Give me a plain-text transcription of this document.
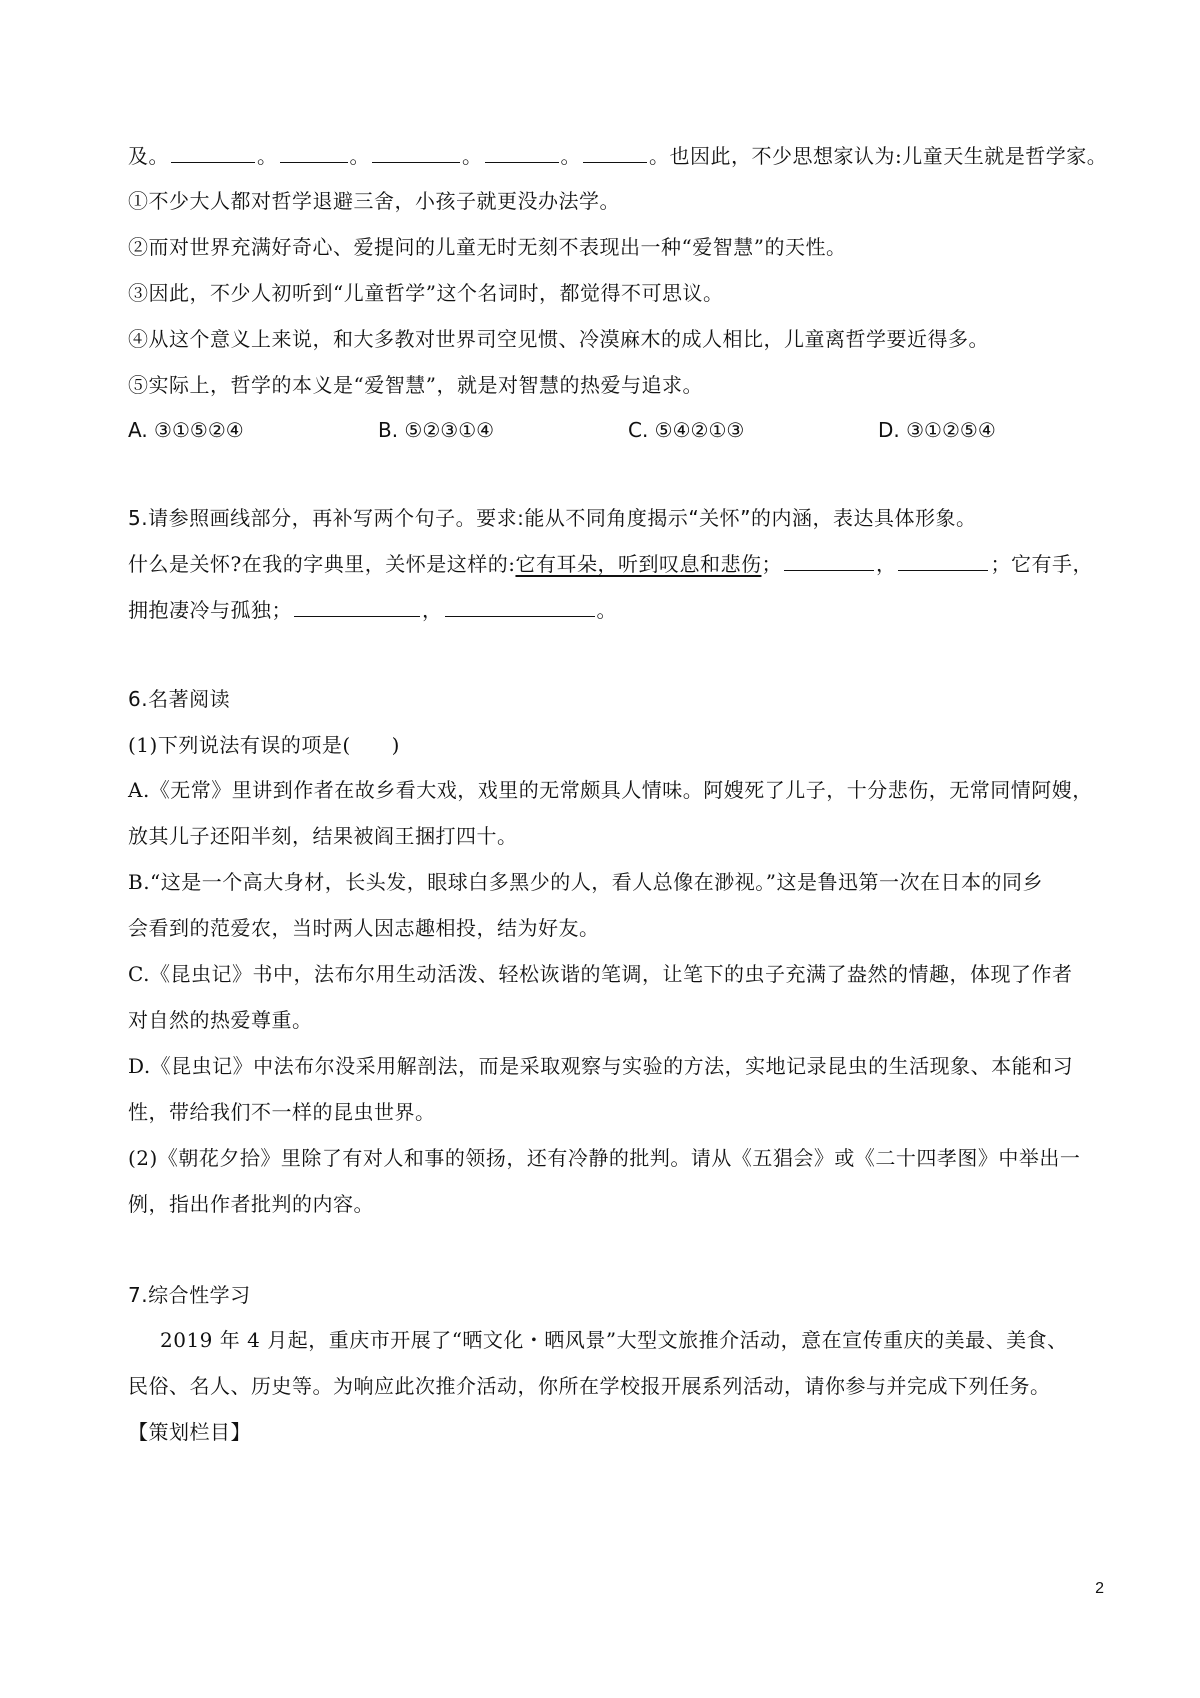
及。	。	。	。	。	。也因此，不少思想家认为:儿童天生就是哲学家。
①不少大人都对哲学退避三舍，小孩子就更没办法学。
②而对世界充满好奇心、爱提问的儿童无时无刻不表现出一种“爱智慧”的天性。
③因此，不少人初听到“儿童哲学”这个名词时，都觉得不可思议。
④从这个意义上来说，和大多教对世界司空见惯、冷漠麻木的成人相比，儿童离哲学要近得多。
⑤实际上，哲学的本义是“爱智慧”，就是对智慧的热爱与追求。
A. ③①⑤②④	B. ⑤②③①④	C. ⑤④②①③	D. ③①②⑤④
5.请参照画线部分，再补写两个句子。要求:能从不同角度揭示“关怀”的内涵，表达具体形象。
什么是关怀?在我的字典里，关怀是这样的:它有耳朵，听到叹息和悲伤；	，	；它有手，
拥抱凄冷与孤独；	，	。
6.名著阅读
(1)下列说法有误的项是(　　)
A.《无常》里讲到作者在故乡看大戏，戏里的无常颇具人情味。阿嫂死了儿子，十分悲伤，无常同情阿嫂，
放其儿子还阳半刻，结果被阎王捆打四十。
B.“这是一个高大身材，长头发，眼球白多黑少的人，看人总像在渺视。”这是鲁迅第一次在日本的同乡
会看到的范爱农，当时两人因志趣相投，结为好友。
C.《昆虫记》书中，法布尔用生动活泼、轻松诙谐的笔调，让笔下的虫子充满了盎然的情趣，体现了作者
对自然的热爱尊重。
D.《昆虫记》中法布尔没采用解剖法，而是采取观察与实验的方法，实地记录昆虫的生活现象、本能和习
性，带给我们不一样的昆虫世界。
(2)《朝花夕拾》里除了有对人和事的领扬，还有冷静的批判。请从《五猖会》或《二十四孝图》中举出一
例，指出作者批判的内容。
7.综合性学习
2019 年 4 月起，重庆市开展了“晒文化・晒风景”大型文旅推介活动，意在宣传重庆的美最、美食、
民俗、名人、历史等。为响应此次推介活动，你所在学校报开展系列活动，请你参与并完成下列任务。
【策划栏目】
2
